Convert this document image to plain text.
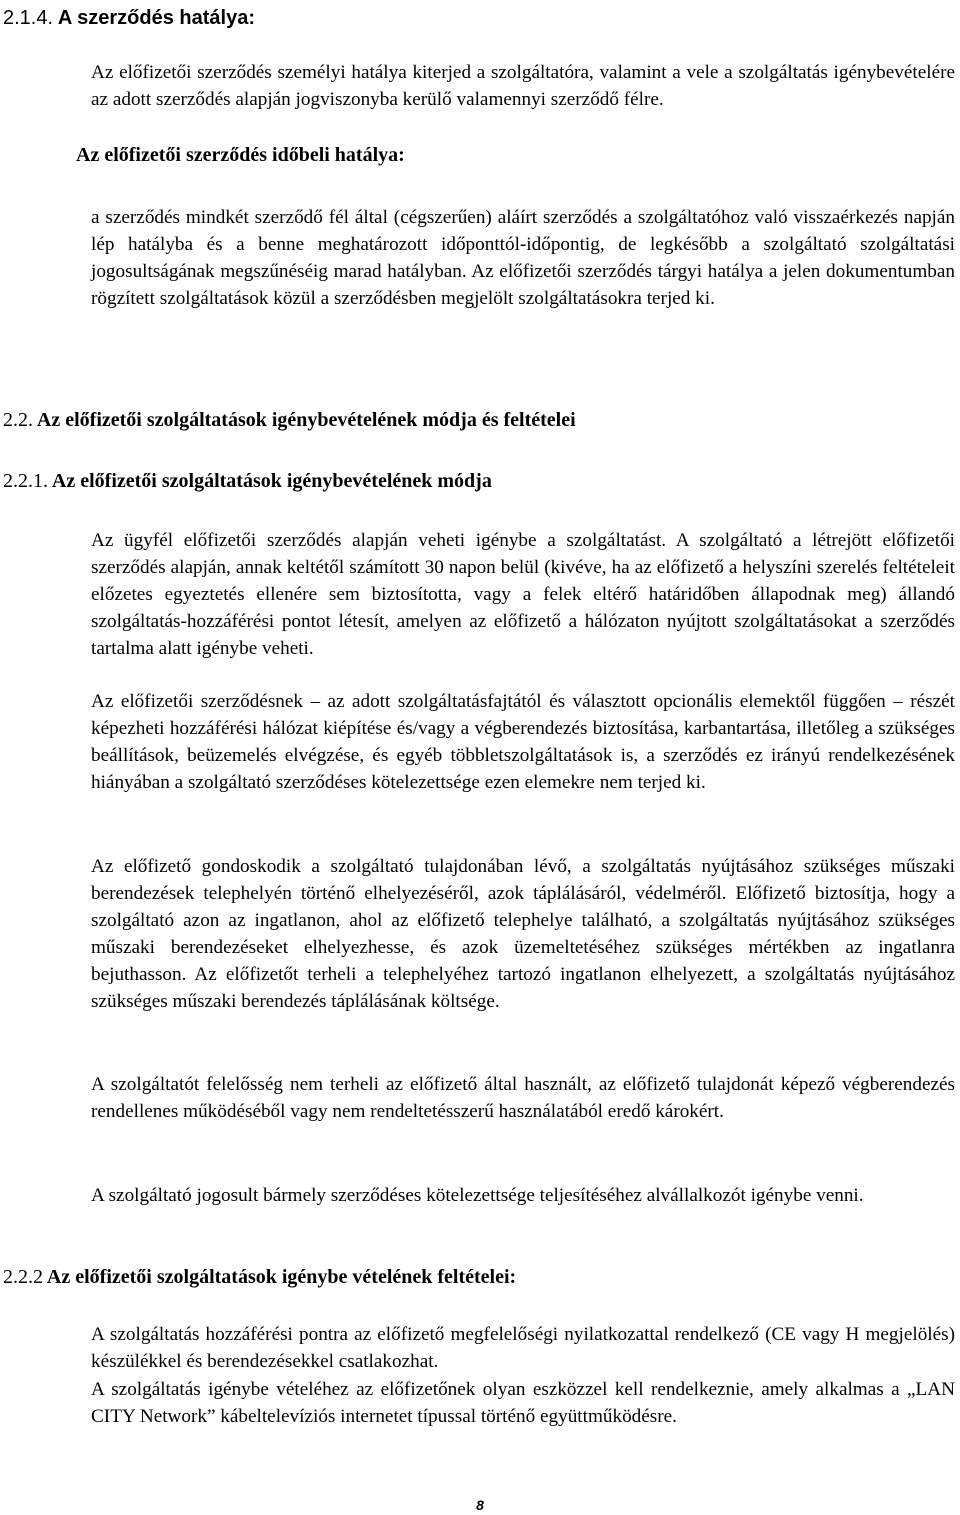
2.1.4. A szerződés hatálya:

Az előfizetői szerződés személyi hatálya kiterjed a szolgáltatóra, valamint a vele a szolgáltatás igénybevételére az adott szerződés alapján jogviszonyba kerülő valamennyi szerződő félre.

Az előfizetői szerződés időbeli hatálya:

a szerződés mindkét szerződő fél által (cégszerűen) aláírt szerződés a szolgáltatóhoz való visszaérkezés napján lép hatályba és a benne meghatározott időponttól-időpontig, de legkésőbb a szolgáltató szolgáltatási jogosultságának megszűnéséig marad hatályban. Az előfizetői szerződés tárgyi hatálya a jelen dokumentumban rögzített szolgáltatások közül a szerződésben megjelölt szolgáltatásokra terjed ki.

2.2. Az előfizetői szolgáltatások igénybevételének módja és feltételei
2.2.1. Az előfizetői szolgáltatások igénybevételének módja

Az ügyfél előfizetői szerződés alapján veheti igénybe a szolgáltatást. A szolgáltató a létrejött előfizetői szerződés alapján, annak keltétől számított 30 napon belül (kivéve, ha az előfizető a helyszíni szerelés feltételeit előzetes egyeztetés ellenére sem biztosította, vagy a felek eltérő határidőben állapodnak meg) állandó szolgáltatás-hozzáférési pontot létesít, amelyen az előfizető a hálózaton nyújtott szolgáltatásokat a szerződés tartalma alatt igénybe veheti.

Az előfizetői szerződésnek – az adott szolgáltatásfajtától és választott opcionális elemektől függően – részét képezheti hozzáférési hálózat kiépítése és/vagy a végberendezés biztosítása, karbantartása, illetőleg a szükséges beállítások, beüzemelés elvégzése, és egyéb többletszolgáltatások is, a szerződés ez irányú rendelkezésének hiányában a szolgáltató szerződéses kötelezettsége ezen elemekre nem terjed ki.

Az előfizető gondoskodik a szolgáltató tulajdonában lévő, a szolgáltatás nyújtásához szükséges műszaki berendezések telephelyén történő elhelyezéséről, azok táplálásáról, védelméről. Előfizető biztosítja, hogy a szolgáltató azon az ingatlanon, ahol az előfizető telephelye található, a szolgáltatás nyújtásához szükséges műszaki berendezéseket elhelyezhesse, és azok üzemeltetéséhez szükséges mértékben az ingatlanra bejuthasson. Az előfizetőt terheli a telephelyéhez tartozó ingatlanon elhelyezett, a szolgáltatás nyújtásához szükséges műszaki berendezés táplálásának költsége.

A szolgáltatót felelősség nem terheli az előfizető által használt, az előfizető tulajdonát képező végberendezés rendellenes működéséből vagy nem rendeltetésszerű használatából eredő károkért.

A szolgáltató jogosult bármely szerződéses kötelezettsége teljesítéséhez alvállalkozót igénybe venni.

2.2.2 Az előfizetői szolgáltatások igénybe vételének feltételei:

A szolgáltatás hozzáférési pontra az előfizető megfelelőségi nyilatkozattal rendelkező (CE vagy H megjelölés) készülékkel és berendezésekkel csatlakozhat.

A szolgáltatás igénybe vételéhez az előfizetőnek olyan eszközzel kell rendelkeznie, amely alkalmas a „LAN CITY Network” kábeltelevíziós internetet típussal történő együttműködésre.

8
